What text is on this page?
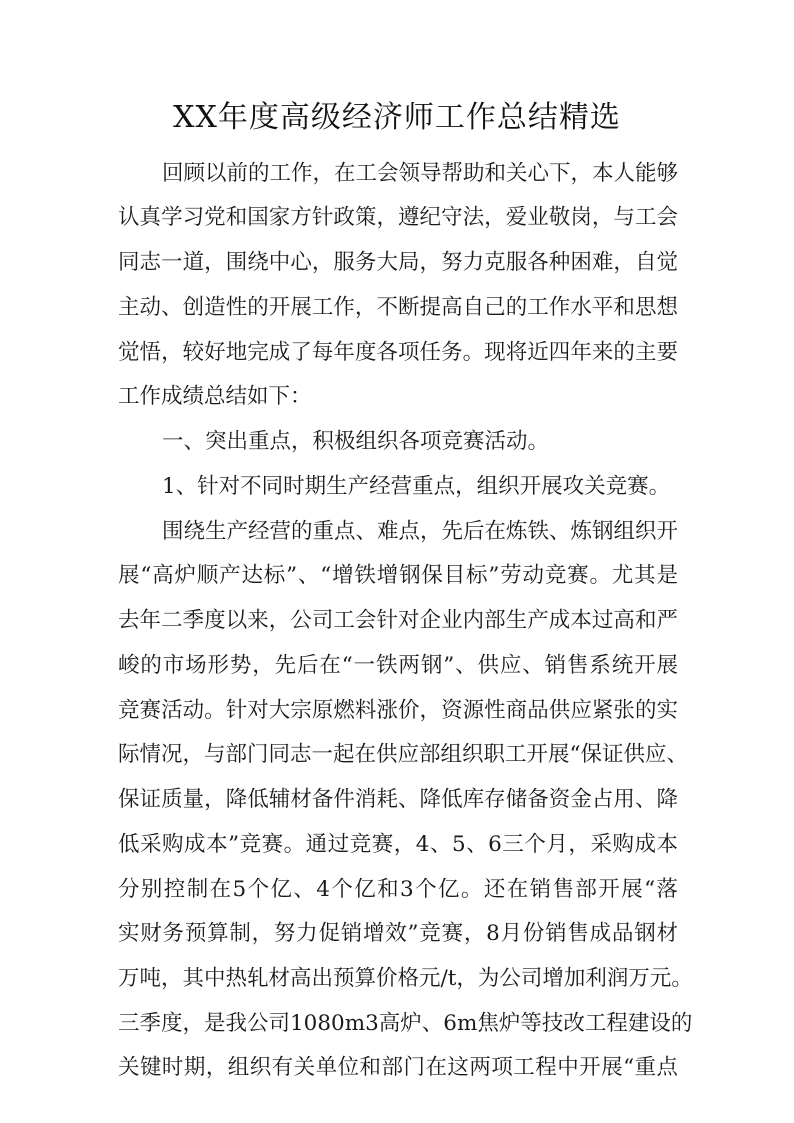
XX年度高级经济师工作总结精选

回顾以前的工作，在工会领导帮助和关心下，本人能够

认真学习党和国家方针政策，遵纪守法，爱业敬岗，与工会

同志一道，围绕中心，服务大局，努力克服各种困难，自觉

主动、创造性的开展工作，不断提高自己的工作水平和思想

觉悟，较好地完成了每年度各项任务。现将近四年来的主要

工作成绩总结如下：

一、突出重点，积极组织各项竞赛活动。

1、针对不同时期生产经营重点，组织开展攻关竞赛。

围绕生产经营的重点、难点，先后在炼铁、炼钢组织开

展“高炉顺产达标”、“增铁增钢保目标”劳动竞赛。尤其是

去年二季度以来，公司工会针对企业内部生产成本过高和严

峻的市场形势，先后在“一铁两钢”、供应、销售系统开展

竞赛活动。针对大宗原燃料涨价，资源性商品供应紧张的实

际情况，与部门同志一起在供应部组织职工开展“保证供应、

保证质量，降低辅材备件消耗、降低库存储备资金占用、降

低采购成本”竞赛。通过竞赛，4、5、6三个月，采购成本

分别控制在5个亿、4个亿和3个亿。还在销售部开展“落

实财务预算制，努力促销增效”竞赛，8月份销售成品钢材

万吨，其中热轧材高出预算价格元/t，为公司增加利润万元。

三季度，是我公司1080m3高炉、6m焦炉等技改工程建设的

关键时期，组织有关单位和部门在这两项工程中开展“重点
